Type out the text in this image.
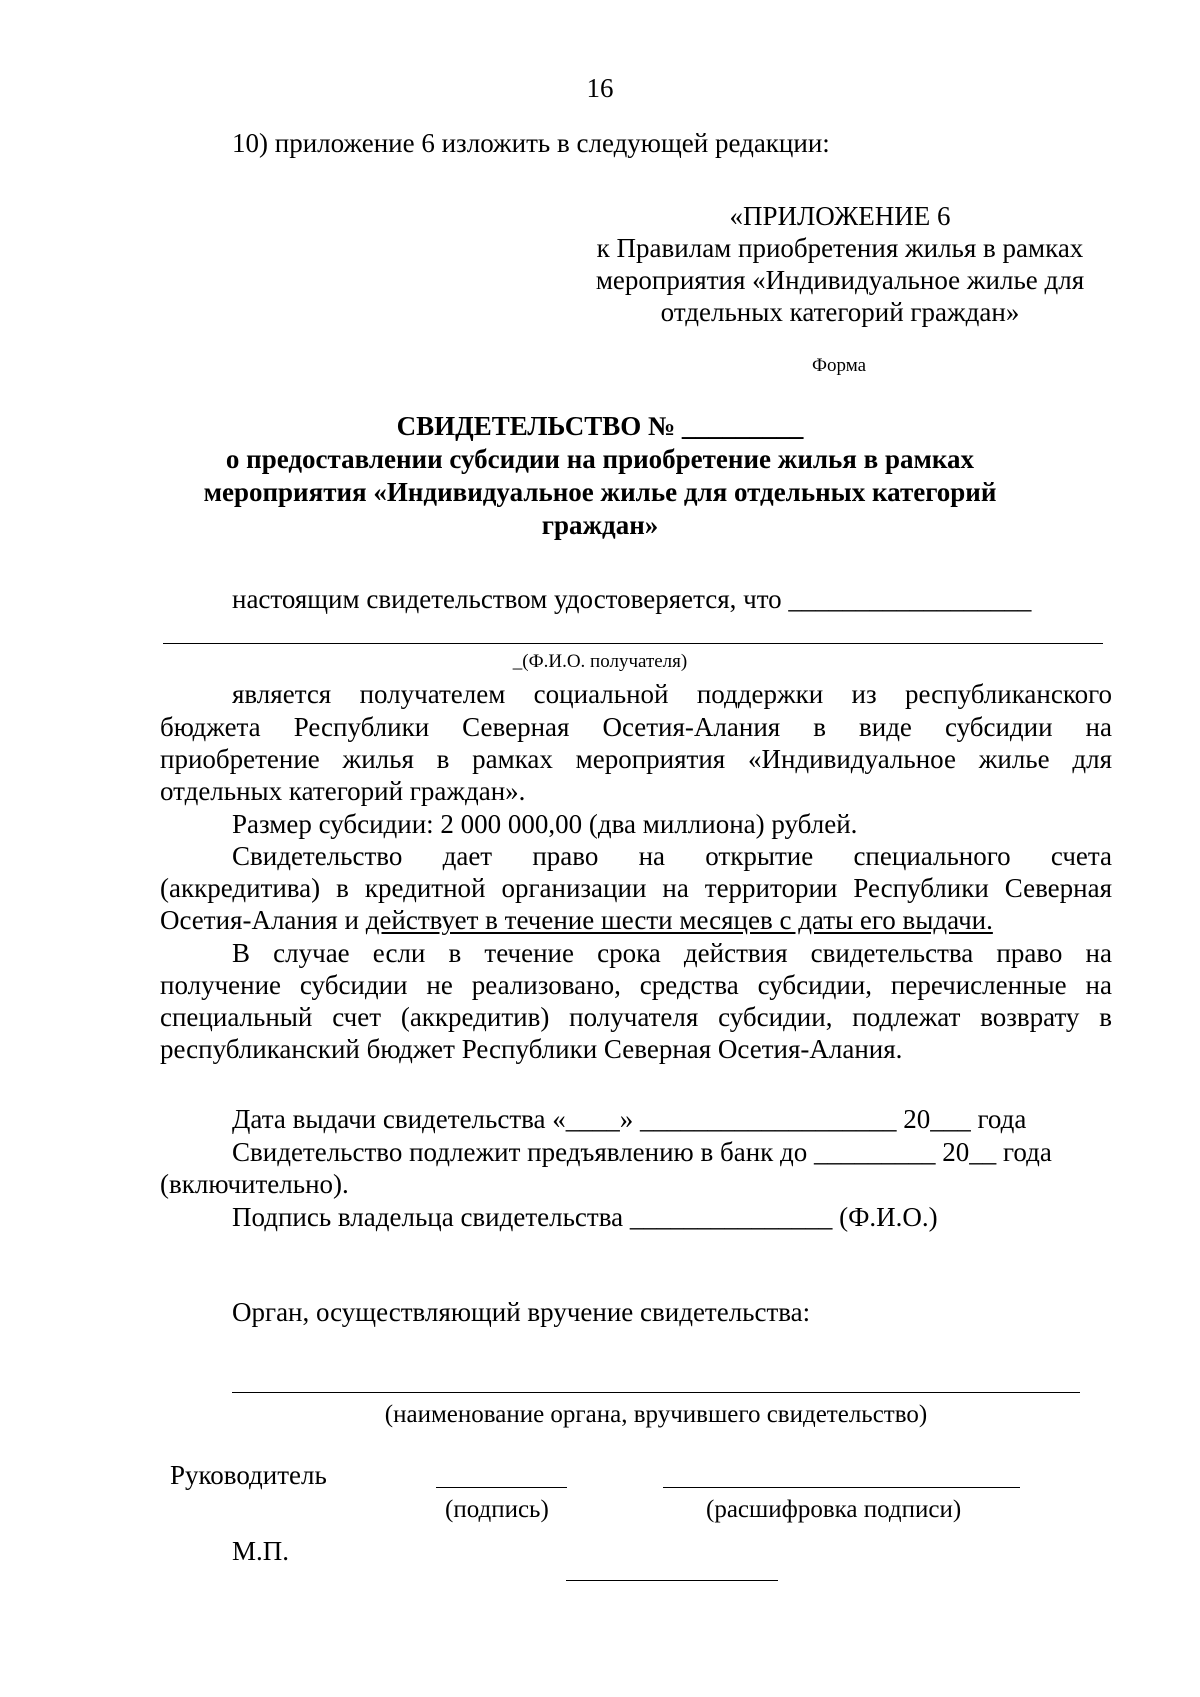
16
10) приложение 6 изложить в следующей редакции:
«ПРИЛОЖЕНИЕ 6
к Правилам приобретения жилья в рамках
мероприятия «Индивидуальное жилье для
отдельных категорий граждан»
Форма
СВИДЕТЕЛЬСТВО № _________
о предоставлении субсидии на приобретение жилья в рамках
мероприятия «Индивидуальное жилье для отдельных категорий
граждан»
настоящим свидетельством удостоверяется, что __________________
_(Ф.И.О. получателя)
является получателем социальной поддержки из республиканского
бюджета Республики Северная Осетия-Алания в виде субсидии на
приобретение жилья в рамках мероприятия «Индивидуальное жилье для
отдельных категорий граждан».
Размер субсидии: 2 000 000,00 (два миллиона) рублей.
Свидетельство дает право на открытие специального счета
(аккредитива) в кредитной организации на территории Республики Северная
Осетия-Алания и действует в течение шести месяцев с даты его выдачи.
В случае если в течение срока действия свидетельства право на
получение субсидии не реализовано, средства субсидии, перечисленные на
специальный счет (аккредитив) получателя субсидии, подлежат возврату в
республиканский бюджет Республики Северная Осетия-Алания.
Дата выдачи свидетельства «____» ___________________ 20___ года
Свидетельство подлежит предъявлению в банк до _________ 20__ года
(включительно).
Подпись владельца свидетельства _______________ (Ф.И.О.)
Орган, осуществляющий вручение свидетельства:
(наименование органа, вручившего свидетельство)
Руководитель
(подпись)	(расшифровка подписи)
М.П.
